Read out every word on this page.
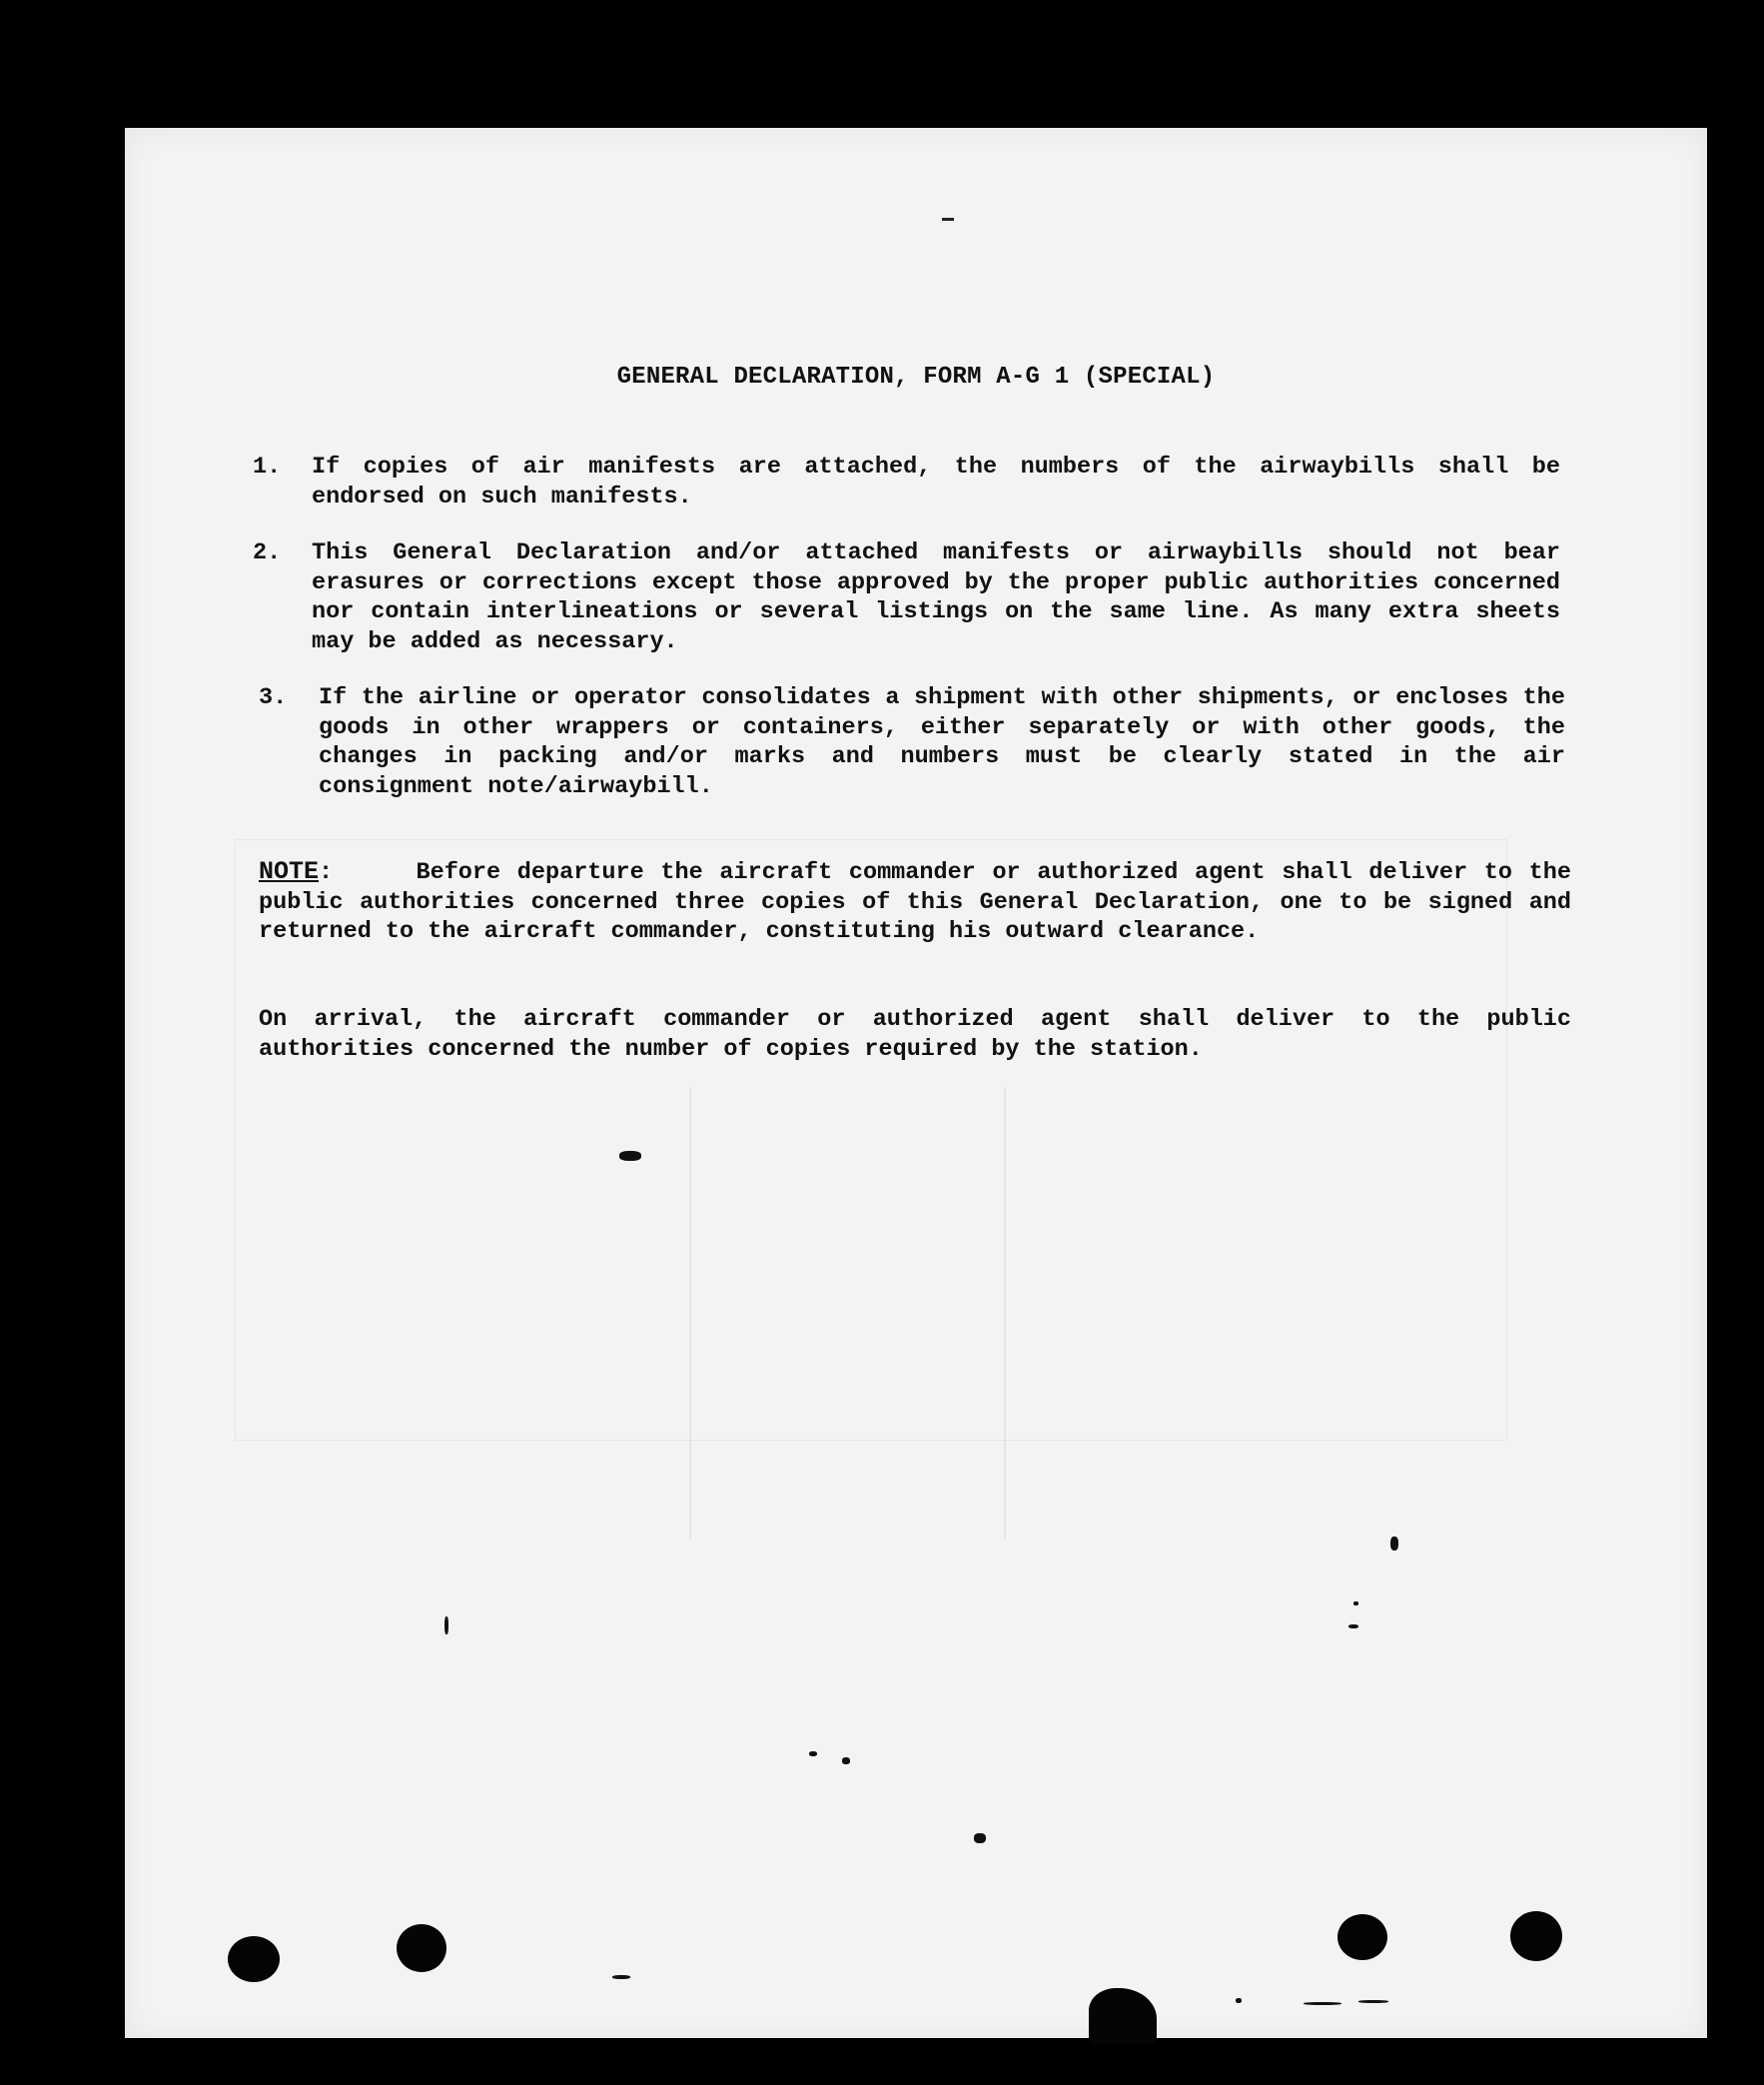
GENERAL DECLARATION, FORM A-G 1 (SPECIAL)
1.	If copies of air manifests are attached, the numbers of the airwaybills shall be endorsed on such manifests.
2.	This General Declaration and/or attached manifests or airwaybills should not bear erasures or corrections except those approved by the proper public authorities concerned nor contain interlineations or several listings on the same line. As many extra sheets may be added as necessary.
3.	If the airline or operator consolidates a shipment with other shipments, or encloses the goods in other wrappers or containers, either separately or with other goods, the changes in packing and/or marks and numbers must be clearly stated in the air consignment note/airwaybill.
NOTE:     Before departure the aircraft commander or authorized agent shall deliver to the public authorities concerned three copies of this General Declaration, one to be signed and returned to the aircraft commander, constituting his outward clearance.
On arrival, the aircraft commander or authorized agent shall deliver to the public authorities concerned the number of copies required by the station.
